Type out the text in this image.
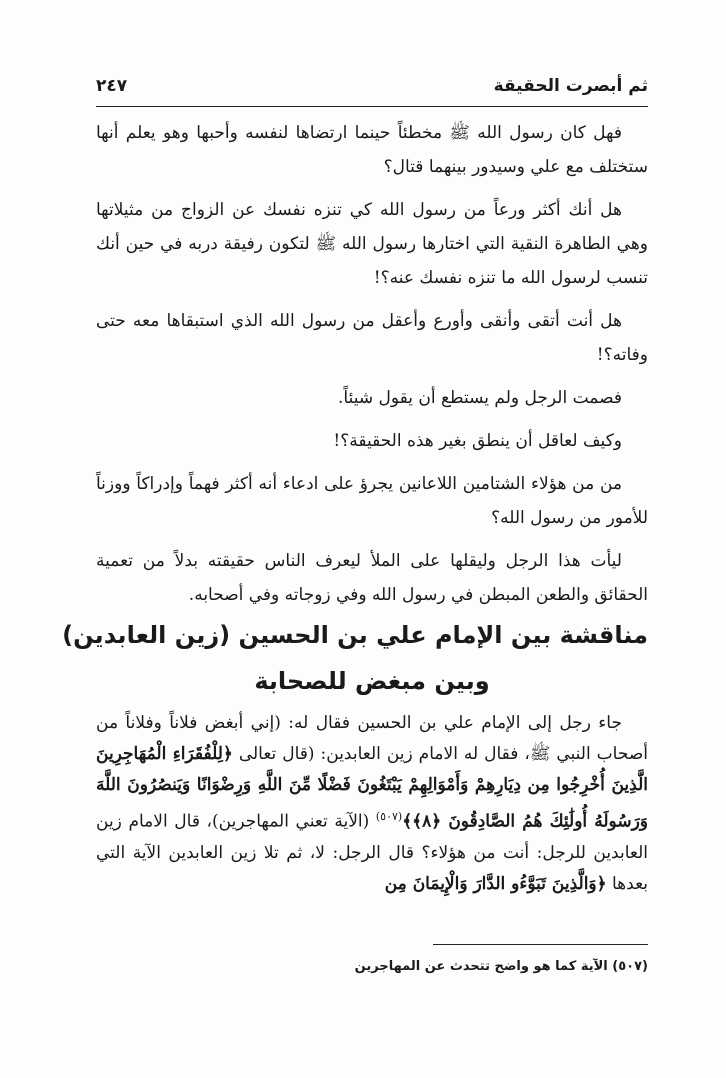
ثم أبصرت الحقيقة
٢٤٧

فهل كان رسول الله ﷺ مخطئاً حينما ارتضاها لنفسه وأحبها وهو يعلم أنها ستختلف مع علي وسيدور بينهما قتال؟

هل أنك أكثر ورعاً من رسول الله كي تنزه نفسك عن الزواج من مثيلاتها وهي الطاهرة النقية التي اختارها رسول الله ﷺ لتكون رفيقة دربه في حين أنك تنسب لرسول الله ما تنزه نفسك عنه؟!

هل أنت أتقى وأنقى وأورع وأعقل من رسول الله الذي استبقاها معه حتى وفاته؟!

فصمت الرجل ولم يستطع أن يقول شيئاً.

وكيف لعاقل أن ينطق بغير هذه الحقيقة؟!

من من هؤلاء الشتامين اللاعانين يجرؤ على ادعاء أنه أكثر فهماً وإدراكاً ووزناً للأمور من رسول الله؟

ليأت هذا الرجل وليقلها على الملأ ليعرف الناس حقيقته بدلاً من تعمية الحقائق والطعن المبطن في رسول الله وفي زوجاته وفي أصحابه.

مناقشة بين الإمام علي بن الحسين (زين العابدين)
وبين مبغض للصحابة

جاء رجل إلى الإمام علي بن الحسين فقال له: (إني أبغض فلاناً وفلاناً من أصحاب النبي ﷺ، فقال له الامام زين العابدين: (قال تعالى ﴿لِلْفُقَرَاءِ الْمُهَاجِرِينَ الَّذِينَ أُخْرِجُوا مِن دِيَارِهِمْ وَأَمْوَالِهِمْ يَبْتَغُونَ فَضْلًا مِّنَ اللَّهِ وَرِضْوَانًا وَيَنصُرُونَ اللَّهَ وَرَسُولَهُ أُولَٰئِكَ هُمُ الصَّادِقُونَ ﴿٨﴾﴾$^{(٥٠٧)}$ (الآية تعني المهاجرين)، قال الامام زين العابدين للرجل: أنت من هؤلاء؟ قال الرجل: لا، ثم تلا زين العابدين الآية التي بعدها ﴿وَالَّذِينَ تَبَوَّءُو الدَّارَ وَالْإِيمَانَ مِن

(٥٠٧) الآية كما هو واضح تتحدث عن المهاجرين
